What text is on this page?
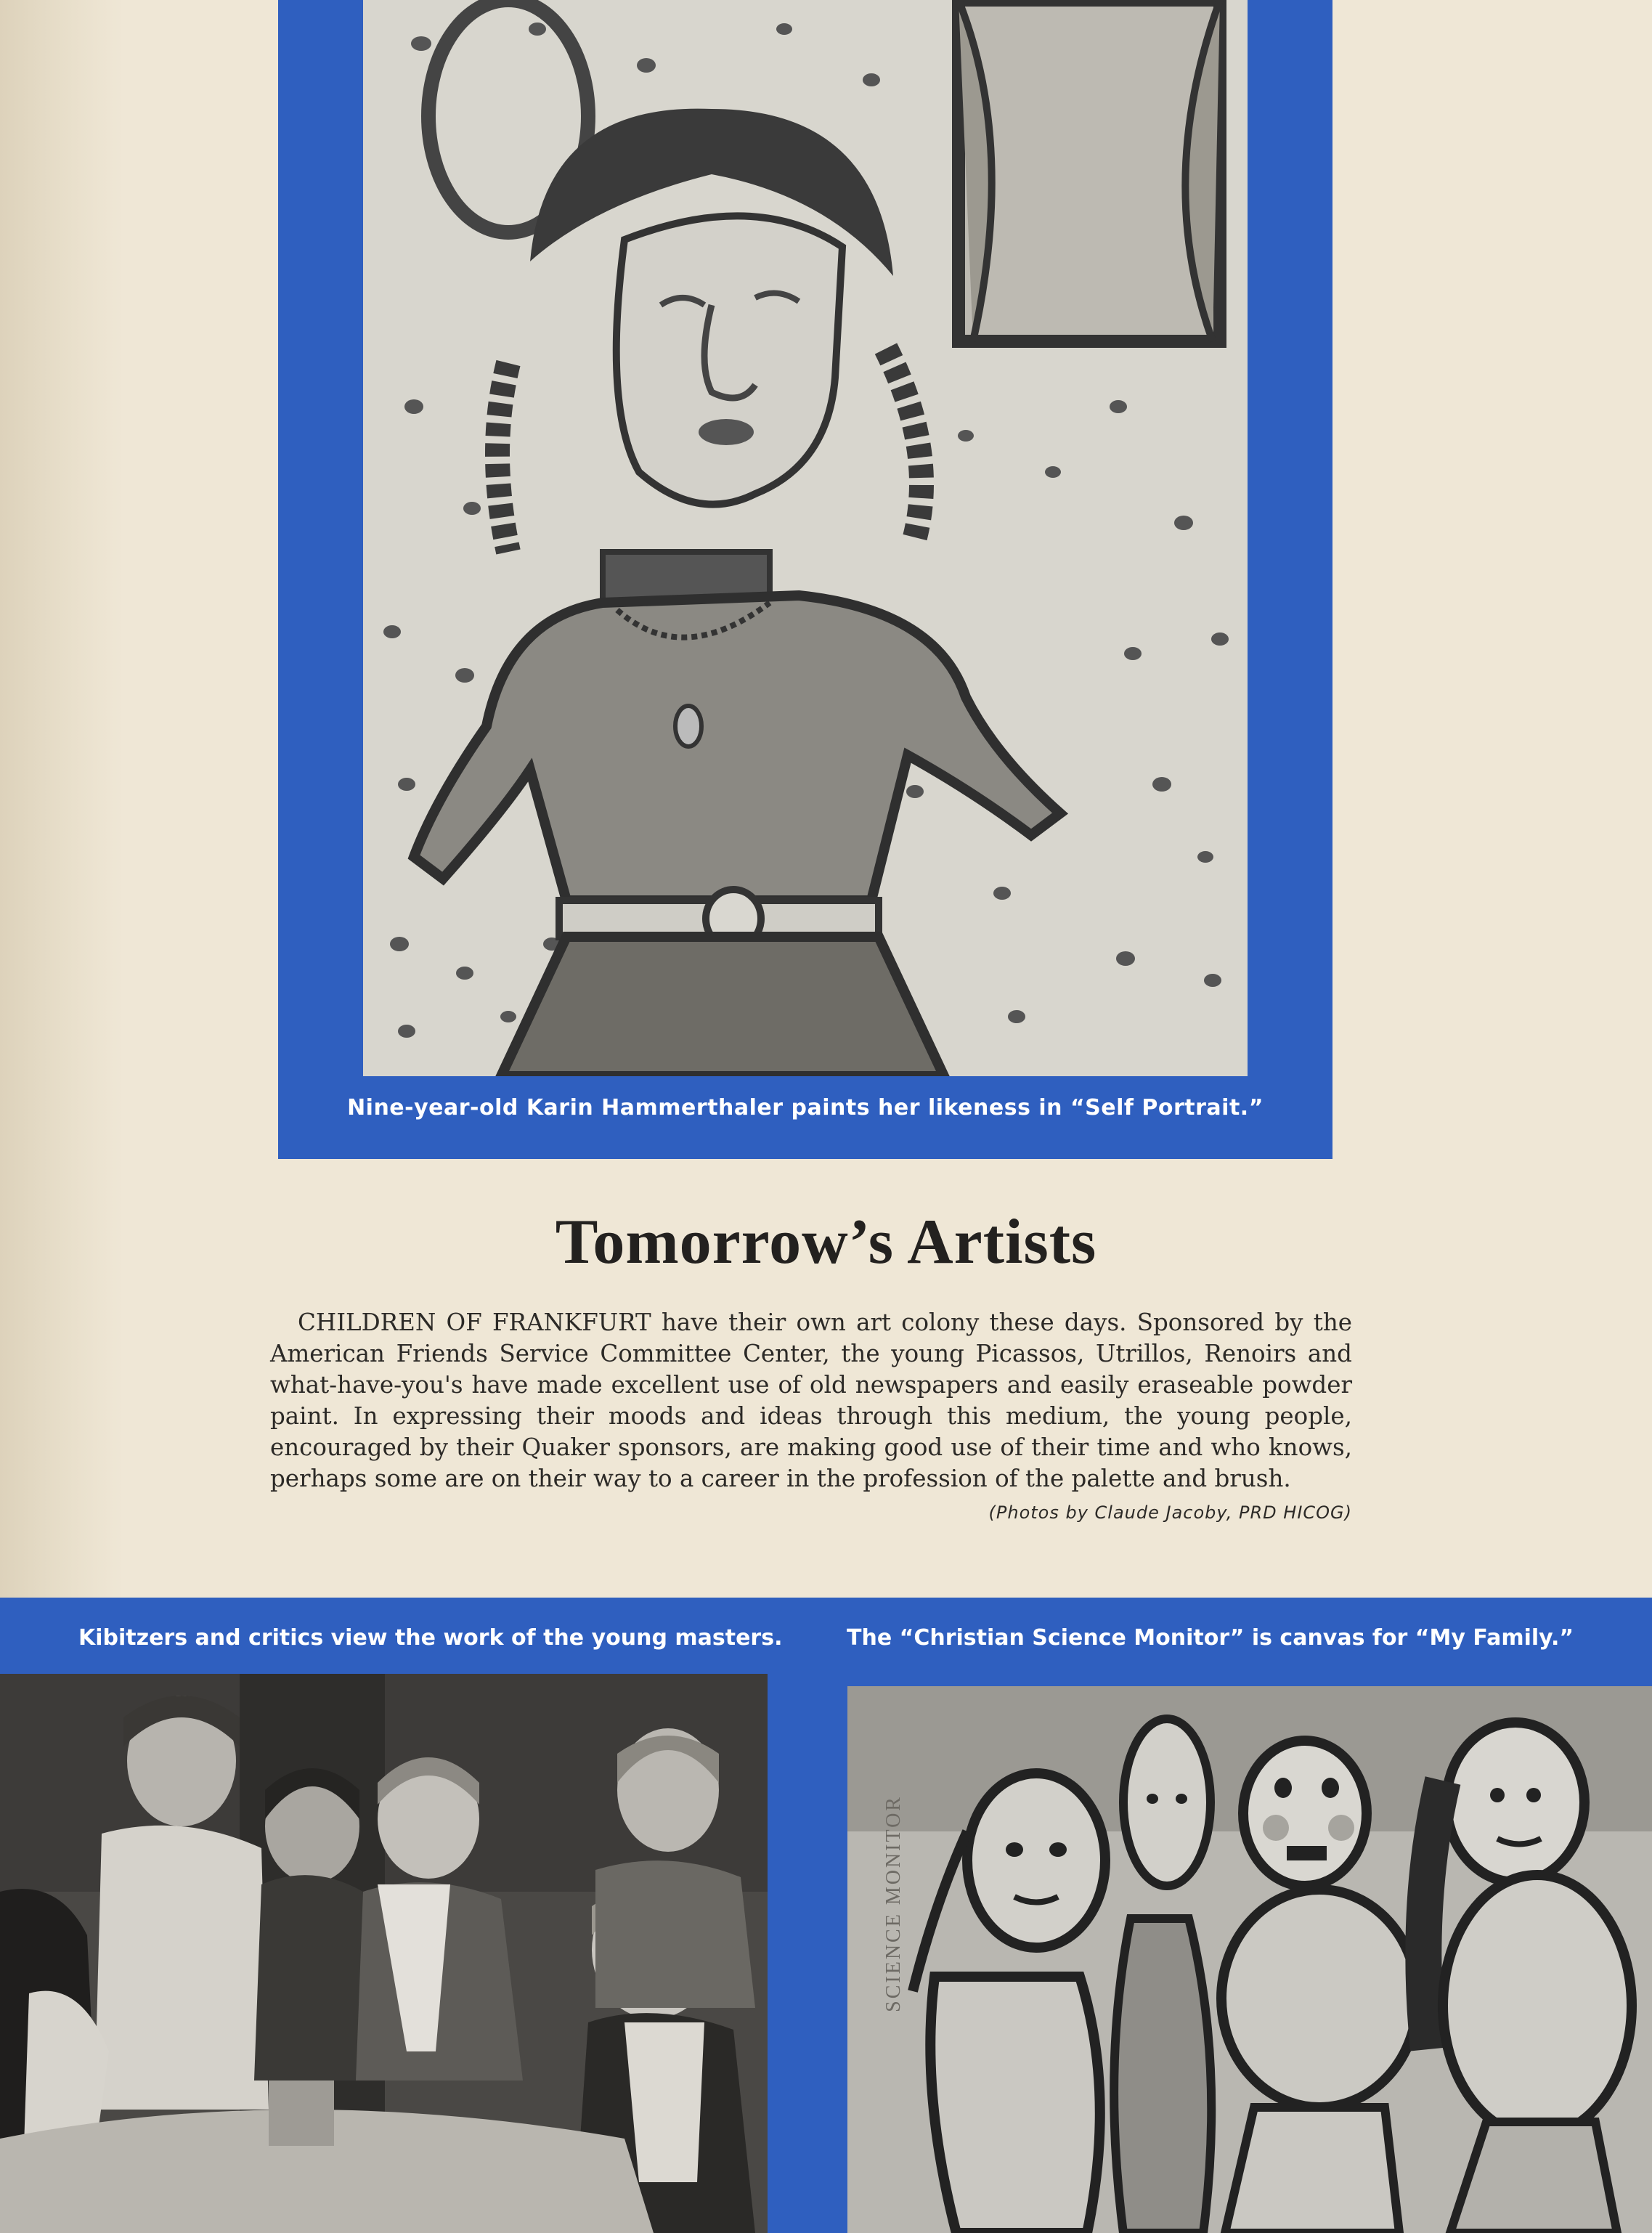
Nine-year-old Karin Hammerthaler paints her likeness in “Self Portrait.”
Tomorrow’s Artists
CHILDREN OF FRANKFURT have their own art colony these days. Sponsored by the American Friends Service Committee Center, the young Picassos, Utrillos, Renoirs and what-have-you's have made excellent use of old newspapers and easily eraseable powder paint. In expressing their moods and ideas through this medium, the young people, encouraged by their Quaker sponsors, are making good use of their time and who knows, perhaps some are on their way to a career in the profession of the palette and brush.
(Photos by Claude Jacoby, PRD HICOG)
Kibitzers and critics view the work of the young masters.	The “Christian Science Monitor” is canvas for “My Family.”
SCIENCE MONITOR
